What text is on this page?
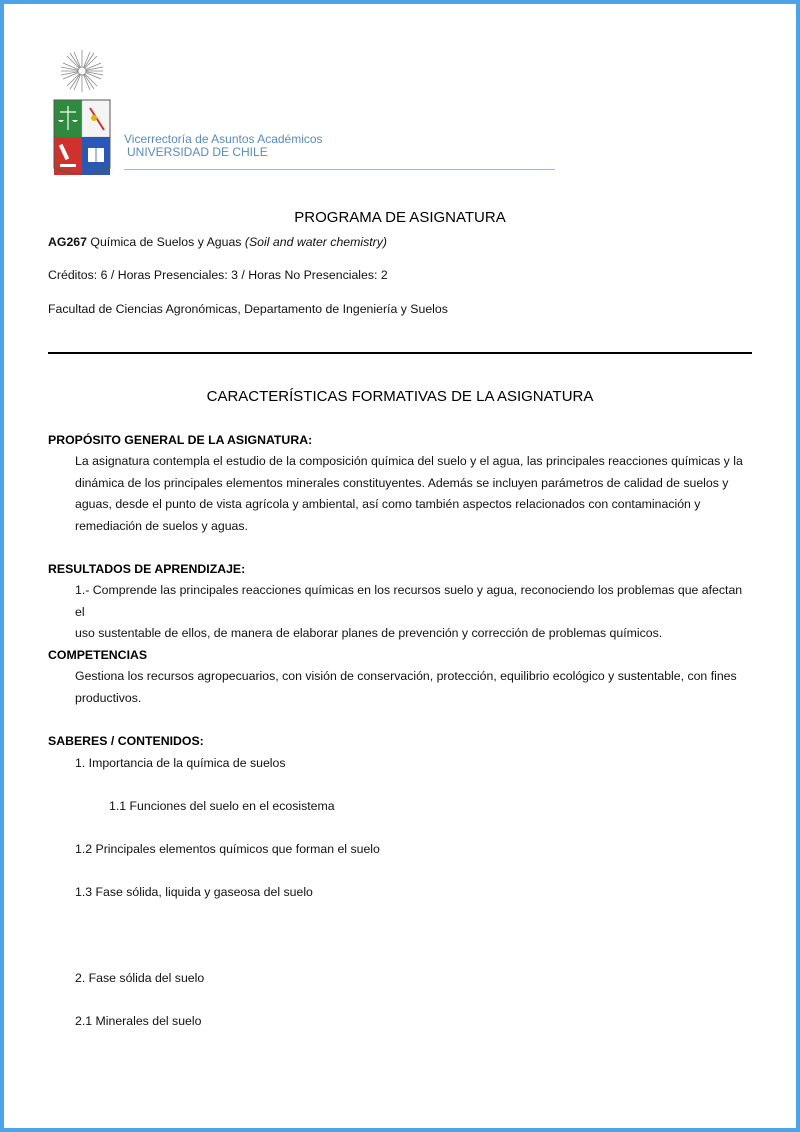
Vicerrectoría de Asuntos Académicos
UNIVERSIDAD DE CHILE
PROGRAMA DE ASIGNATURA
AG267 Química de Suelos y Aguas (Soil and water chemistry)
Créditos: 6 / Horas Presenciales: 3 / Horas No Presenciales: 2
Facultad de Ciencias Agronómicas, Departamento de Ingeniería y Suelos
CARACTERÍSTICAS FORMATIVAS DE LA ASIGNATURA
PROPÓSITO GENERAL DE LA ASIGNATURA:
La asignatura contempla el estudio de la composición química del suelo y el agua, las principales reacciones químicas y la
dinámica de los principales elementos minerales constituyentes. Además se incluyen parámetros de calidad de suelos y
aguas, desde el punto de vista agrícola y ambiental, así como también aspectos relacionados con contaminación y
remediación de suelos y aguas.
RESULTADOS DE APRENDIZAJE:
1.- Comprende las principales reacciones químicas en los recursos suelo y agua, reconociendo los problemas que afectan el
uso sustentable de ellos, de manera de elaborar planes de prevención y corrección de problemas químicos.
COMPETENCIAS
Gestiona los recursos agropecuarios, con visión de conservación, protección, equilibrio ecológico y sustentable, con fines
productivos.
SABERES / CONTENIDOS:
1. Importancia de la química de suelos
1.1 Funciones del suelo en el ecosistema
1.2 Principales elementos químicos que forman el suelo
1.3 Fase sólida, liquida y gaseosa del suelo
2. Fase sólida del suelo
2.1 Minerales del suelo
